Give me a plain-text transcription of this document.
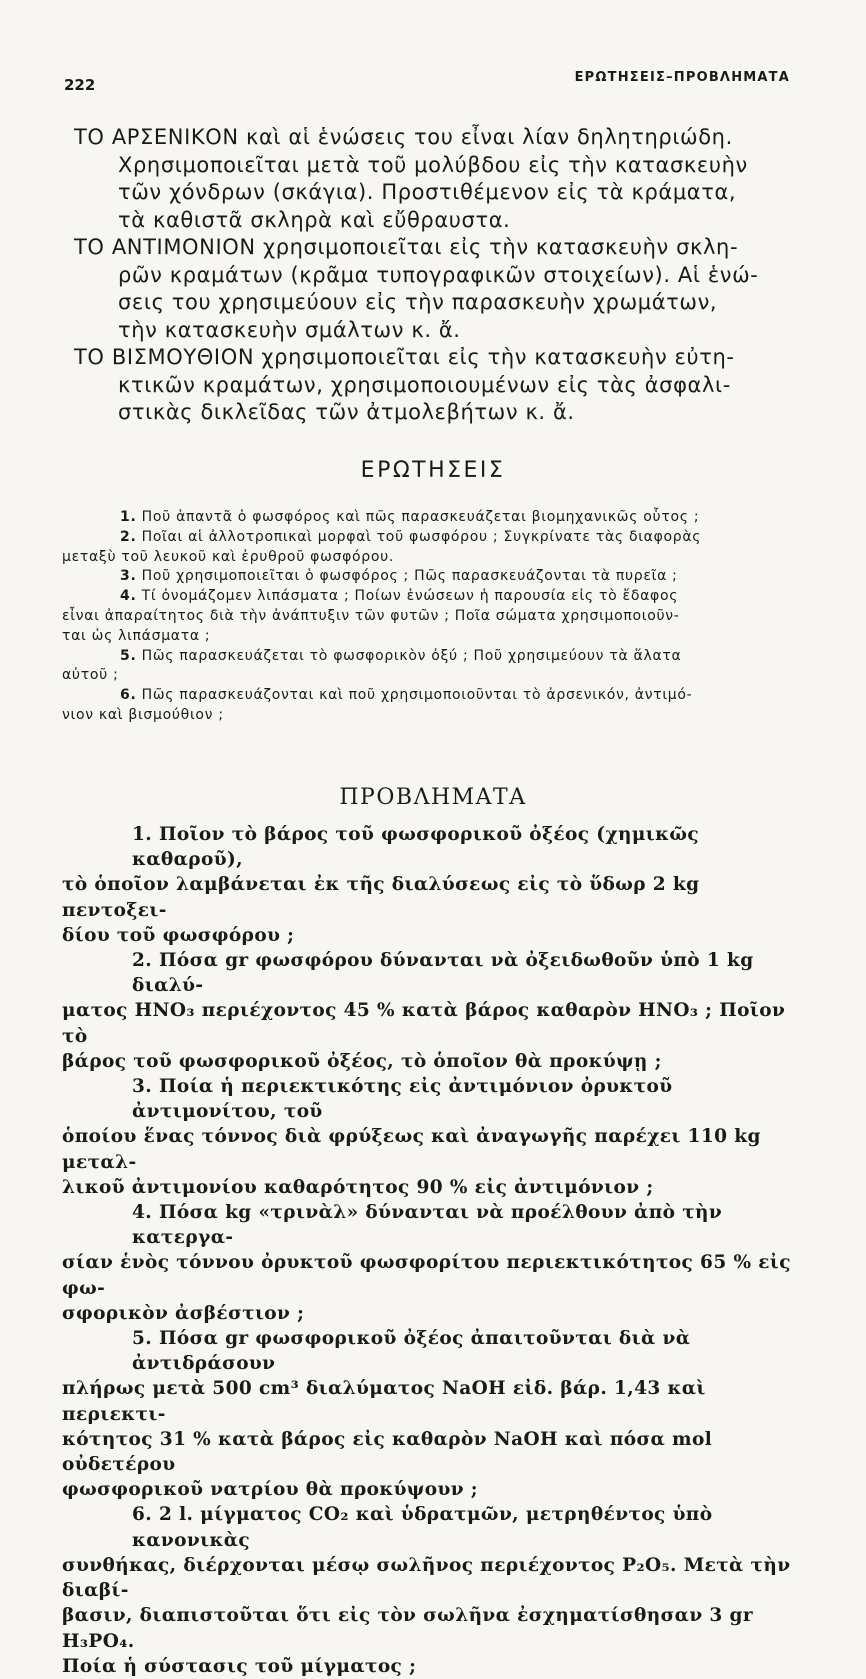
222	ΕΡΩΤΗΣΕΙΣ–ΠΡΟΒΛΗΜΑΤΑ
ΤΟ ΑΡΣΕΝΙΚΟΝ καὶ αἱ ἑνώσεις του εἶναι λίαν δηλητηριώδη.
Χρησιμοποιεῖται μετὰ τοῦ μολύβδου εἰς τὴν κατασκευὴν
τῶν χόνδρων (σκάγια). Προστιθέμενον εἰς τὰ κράματα,
τὰ καθιστᾶ σκληρὰ καὶ εὔθραυστα.
ΤΟ ΑΝΤΙΜΟΝΙΟΝ χρησιμοποιεῖται εἰς τὴν κατασκευὴν σκλη-
ρῶν κραμάτων (κρᾶμα τυπογραφικῶν στοιχείων). Αἱ ἑνώ-
σεις του χρησιμεύουν εἰς τὴν παρασκευὴν χρωμάτων,
τὴν κατασκευὴν σμάλτων κ. ἄ.
ΤΟ ΒΙΣΜΟΥΘΙΟΝ χρησιμοποιεῖται εἰς τὴν κατασκευὴν εὐτη-
κτικῶν κραμάτων, χρησιμοποιουμένων εἰς τὰς ἀσφαλι-
στικὰς δικλεῖδας τῶν ἀτμολεβήτων κ. ἄ.
ΕΡΩΤΗΣΕΙΣ
1. Ποῦ ἀπαντᾶ ὁ φωσφόρος καὶ πῶς παρασκευάζεται βιομηχανικῶς οὗτος ;
2. Ποῖαι αἱ ἀλλοτροπικαὶ μορφαὶ τοῦ φωσφόρου ; Συγκρίνατε τὰς διαφορὰς
μεταξὺ τοῦ λευκοῦ καὶ ἐρυθροῦ φωσφόρου.
3. Ποῦ χρησιμοποιεῖται ὁ φωσφόρος ; Πῶς παρασκευάζονται τὰ πυρεῖα ;
4. Τί ὀνομάζομεν λιπάσματα ; Ποίων ἑνώσεων ἡ παρουσία εἰς τὸ ἔδαφος
εἶναι ἀπαραίτητος διὰ τὴν ἀνάπτυξιν τῶν φυτῶν ; Ποῖα σώματα χρησιμοποιοῦν-
ται ὡς λιπάσματα ;
5. Πῶς παρασκευάζεται τὸ φωσφορικὸν ὀξύ ; Ποῦ χρησιμεύουν τὰ ἅλατα
αὐτοῦ ;
6. Πῶς παρασκευάζονται καὶ ποῦ χρησιμοποιοῦνται τὸ ἀρσενικόν, ἀντιμό-
νιον καὶ βισμούθιον ;
ΠΡΟΒΛΗΜΑΤΑ
1. Ποῖον τὸ βάρος τοῦ φωσφορικοῦ ὀξέος (χημικῶς καθαροῦ),
τὸ ὁποῖον λαμβάνεται ἐκ τῆς διαλύσεως εἰς τὸ ὕδωρ 2 kg πεντοξει-
δίου τοῦ φωσφόρου ;
2. Πόσα gr φωσφόρου δύνανται νὰ ὀξειδωθοῦν ὑπὸ 1 kg διαλύ-
ματος HNO₃ περιέχοντος 45 % κατὰ βάρος καθαρὸν HNO₃ ; Ποῖον τὸ
βάρος τοῦ φωσφορικοῦ ὀξέος, τὸ ὁποῖον θὰ προκύψῃ ;
3. Ποία ἡ περιεκτικότης εἰς ἀντιμόνιον ὀρυκτοῦ ἀντιμονίτου, τοῦ
ὁποίου ἕνας τόννος διὰ φρύξεως καὶ ἀναγωγῆς παρέχει 110 kg μεταλ-
λικοῦ ἀντιμονίου καθαρότητος 90 % εἰς ἀντιμόνιον ;
4. Πόσα kg «τρινὰλ» δύνανται νὰ προέλθουν ἀπὸ τὴν κατεργα-
σίαν ἑνὸς τόννου ὀρυκτοῦ φωσφορίτου περιεκτικότητος 65 % εἰς φω-
σφορικὸν ἀσβέστιον ;
5. Πόσα gr φωσφορικοῦ ὀξέος ἀπαιτοῦνται διὰ νὰ ἀντιδράσουν
πλήρως μετὰ 500 cm³ διαλύματος NaOH εἰδ. βάρ. 1,43 καὶ περιεκτι-
κότητος 31 % κατὰ βάρος εἰς καθαρὸν NaOH καὶ πόσα mol οὐδετέρου
φωσφορικοῦ νατρίου θὰ προκύψουν ;
6. 2 l. μίγματος CO₂ καὶ ὑδρατμῶν, μετρηθέντος ὑπὸ κανονικὰς
συνθήκας, διέρχονται μέσῳ σωλῆνος περιέχοντος P₂O₅. Μετὰ τὴν διαβί-
βασιν, διαπιστοῦται ὅτι εἰς τὸν σωλῆνα ἐσχηματίσθησαν 3 gr H₃PO₄.
Ποία ἡ σύστασις τοῦ μίγματος ;
